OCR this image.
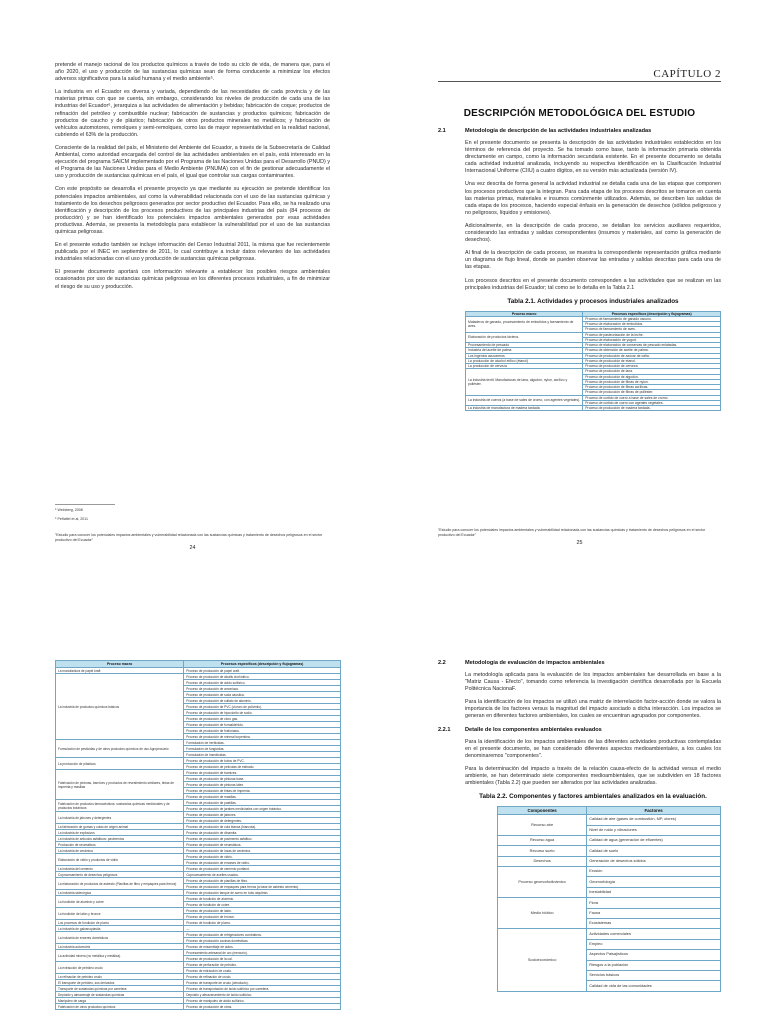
pretende el manejo racional de los productos químicos a través de todo su ciclo de vida, de manera que, para el año 2020, el uso y producción de las sustancias químicas sean de forma conducente a minimizar los efectos adversos significativos para la salud humana y el medio ambiente⁵.

La industria en el Ecuador es diversa y variada, dependiendo de las necesidades de cada provincia y de las materias primas con que se cuenta, sin embargo, considerando los niveles de producción de cada una de las industrias del Ecuador⁶, jerarquiza a las actividades de alimentación y bebidas; fabricación de coque; productos de refinación del petróleo y combustible nuclear; fabricación de sustancias y productos químicos; fabricación de productos de caucho y de plástico; fabricación de otros productos minerales no metálicos; y fabricación de vehículos automotores, remolques y semi-remolques, como las de mayor representatividad en la realidad nacional, cubriendo el 63% de la producción.

Consciente de la realidad del país, el Ministerio del Ambiente del Ecuador, a través de la Subsecretaría de Calidad Ambiental, como autoridad encargada del control de las actividades ambientales en el país, está interesado en la ejecución del programa SAICM implementado por el Programa de las Naciones Unidas para el Desarrollo (PNUD) y el Programa de las Naciones Unidas para el Medio Ambiente (PNUMA) con el fin de gestionar adecuadamente el uso y producción de sustancias químicas en el país, el igual que controlar sus cargas contaminantes.

Con este propósito se desarrolla el presente proyecto ya que mediante su ejecución se pretende identificar los potenciales impactos ambientales, así como la vulnerabilidad relacionada con el uso de las sustancias químicas y tratamiento de los desechos peligrosos generados por sector productivo del Ecuador. Para ello, se ha realizado una identificación y descripción de los procesos productivos de las principales industrias del país (84 procesos de producción) y se han identificado los potenciales impactos ambientales generados por esas actividades productivas. Además, se presenta la metodología para establecer la vulnerabilidad por el uso de las sustancias químicas peligrosas.

En el presente estudio también se incluye información del Censo Industrial 2011, la misma que fue recientemente publicada por el INEC en septiembre de 2011, lo cual contribuye a incluir datos relevantes de las actividades industriales relacionadas con el uso y producción de sustancias químicas peligrosas.

El presente documento aportará con información relevante a establecer los posibles riesgos ambientales ocasionados por uso de sustancias químicas peligrosas en los diferentes procesos industriales, a fin de minimizar el riesgo de su uso y producción.

⁵ Weinberg, 2008
⁶ Peñafiel et al, 2011
"Estudio para conocer los potenciales impactos ambientales y vulnerabilidad relacionada con las sustancias químicas y tratamiento de desechos peligrosos en el sector productivo del Ecuador"
24
CAPÍTULO 2
DESCRIPCIÓN METODOLÓGICA DEL ESTUDIO
2.1	Metodología de descripción de las actividades industriales analizadas

En el presente documento se presenta la descripción de las actividades industriales establecidos en los términos de referencia del proyecto. Se ha tomado como base, tanto la información primaria obtenida directamente en campo, como la información secundaria existente. En el presente documento se detalla cada actividad industrial analizada, incluyendo su respectiva identificación en la Clasificación Industrial Internacional Uniforme (CIIU) a cuatro dígitos, en su versión más actualizada (versión IV).

Una vez descrita de forma general la actividad industrial se detalla cada una de las etapas que componen los procesos productivos que la integran. Para cada etapa de los procesos descritos se tomaron en cuenta las materias primas, materiales e insumos comúnmente utilizados. Además, se describen las salidas de cada etapa de los procesos, haciendo especial énfasis en la generación de desechos (sólidos peligrosos y no peligrosos, líquidos y emisiones).

Adicionalmente, en la descripción de cada proceso, se detallan los servicios auxiliares requeridos, considerando las entradas y salidas correspondientes (insumos y materiales, así como la generación de desechos).

Al final de la descripción de cada proceso, se muestra la correspondiente representación gráfica mediante un diagrama de flujo lineal, donde se pueden observar las entradas y salidas descritas para cada una de las etapas.

Los procesos descritos en el presente documento corresponden a las actividades que se realizan en las principales industrias del Ecuador; tal como se lo detalla en la Tabla 2.1

Tabla 2.1. Actividades y procesos industriales analizados
Proceso macro	Procesos específicos (descripción y flujogramas)
Mataderos de ganado, procesamiento de embutidos y faenamiento de aves.	Proceso de faenamiento de ganado vacuno.
	Proceso de elaboración de embutidos.
	Proceso de faenamiento de aves.
Elaboración de productos lácteos.	Proceso de pasteurización de la leche.
	Proceso de elaboración de yogurt.
Procesamiento de pescado	Proceso de elaboración de conservas de pescado enlatadas.
Industria del aceite de palma	Proceso de obtención de aceite de palma.
Los ingenios azucareros	Proceso de producción de azúcar de caña.
La producción de alcohol etílico (etanol)	Proceso de producción de etanol.
La producción de cerveza	Proceso de producción de cerveza.
La industria textil: Manufacturas de lana, algodón, nylon, acrílico y poliéster.	Proceso de producción de lana.
	Proceso de producción de algodón.
	Proceso de producción de fibras de nylon.
	Proceso de producción de fibras acrílicas.
	Proceso de producción de fibras de poliéster.
La industria de cueros (a base de sales de cromo, con agentes vegetales).	Proceso de curtido de cuero a base de sales de cromo.
	Proceso de curtido de cuero con agentes vegetales.
La industria de manufactura de madera tardada	Proceso de producción de madera tardada.
"Estudio para conocer los potenciales impactos ambientales y vulnerabilidad relacionada con las sustancias químicas y tratamiento de desechos peligrosos en el sector productivo del Ecuador"
25
Proceso macro	Procesos específicos (descripción y flujogramas)
La manufactura de papel kraft	Proceso de producción de papel craft.
La industria de productos químicos básicos	Proceso de producción de álcalis clorhídrico.
	Proceso de producción de ácido sulfúrico.
	Proceso de producción de amoníaco.
	Proceso de producción de soda cáustica.
	Proceso de producción de sulfato de aluminio.
	Proceso de producción de PVC (cloruro de polivinilo).
	Proceso de producción de hipoclorito de sodio.
	Proceso de producción de cloro gas.
	Proceso de producción de formaldehído.
	Proceso de producción de fosfonatos.
	Proceso de producción de mineral turpentina.
Formulación de pesticidas y de otros productos químicos de uso Agropecuario	Formulación de herbicidas.
	Formulación de fungicidas.
	Formulación de insecticidas.
La producción de plásticos	Proceso de producción de tubos de PVC.
	Proceso de producción de películas de estirado.
Fabricación de pinturas, barnices y productos de revestimiento similares, tintas de imprenta y masillas	Proceso de producción de barnices.
	Proceso de producción de pinturas base.
	Proceso de producción de pinturas látex.
	Proceso de producción de tintas de imprenta.
	Proceso de producción de masillas.
Fabricación de productos farmacéuticos: sustancias químicas medicinales y de productos botánicos	Proceso de producción de pastillas.
	Proceso de producción de jarabes medicinales con origen botánico.
La industria de jabones y detergentes	Proceso de producción de jabones.
	Proceso de producción de detergentes.
La fabricación de gomas y colas de origen animal	Proceso de producción de cola blanca (blancola).
La industria de explosivos	Proceso de producción de dinamita.
La industria de artículos asfálticos: pavimentos	Proceso de producción de pavimento asfáltico.
Producción de neumáticos	Proceso de producción de neumáticos.
La industria de cerámica	Proceso de producción de losas de cerámica.
Elaboración de vidrio y productos de vidrio	Proceso de producción de vidrio.
	Proceso de producción de envases de vidrio.
La industria del cemento	Proceso de producción de cemento portland.
Coprocesamiento de desechos peligrosos	Coprocesamiento de aceites usados.
La elaboración de productos de asbesto (Planillas de fibro y empaques para frenos)	Proceso de producción de planillas de fibro.
	Proceso de producción de empaques para frenos (a base de asbesto cemento).
La industria siderúrgica	Proceso de producción tanque de acero en tubo alquitrán.
La fundición de aluminio y cobre	Proceso de fundición de aluminio.
	Proceso de fundición de cobre.
La fundición de latón y bronce	Proceso de producción de latón.
	Proceso de producción de bronce.
Los procesos de fundición de plomo	Proceso de fundición de plomo.
La industria de galvanoplastía	—
La industria de enseres domésticos	Proceso de producción de refrigeradores combativos.
	Proceso de producción cocinas domésticas.
La industria automotriz	Proceso de ensamblaje de autos.
La actividad minera (no metálica y metálica).	Procesamiento artesanal de oro (mercurio).
	Proceso de producción de la cal.
La extracción de petróleo crudo	Proceso de perforación de petróleo.
	Proceso de extracción de crudo.
La refinación de petróleo crudo	Proceso de refinación de crudo.
El transporte de petróleo, sus derivados	Proceso de transporte de crudo (oleoducto).
Transporte de sustancias químicas por carretera	Proceso de transportación de ácido sulfúrico por carretera.
Depósito y almacenaje de sustancias químicas	Depósito y almacenamiento de ácido sulfúrico.
Manipuleo de carga	Proceso de manipuleo de ácido sulfúrico.
Fabricación de otros productos químicos	Proceso de producción de otros.
2.2	Metodología de evaluación de impactos ambientales

La metodología aplicada para la evaluación de los impactos ambientales fue desarrollada en base a la "Matriz Causa - Efecto", tomando como referencia la investigación científica desarrollada por la Escuela Politécnica NacionaF.

Para la identificación de los impactos se utilizó una matriz de interrelación factor-acción donde se valora la importancia de los factores versus la magnitud del impacto asociado a dicha interacción. Los impactos se generan en diferentes factores ambientales, los cuales se encuentran agrupados por componentes.

2.2.1	Detalle de los componentes ambientales evaluados

Para la identificación de los impactos ambientales de las diferentes actividades productivas contempladas en el presente documento, se han considerado diferentes aspectos medioambientales, a los cuales los denominaremos "componentes".

Para la determinación del impacto a través de la relación causa-efecto de la actividad versus el medio ambiente, se han determinado siete componentes medioambientales, que se subdividen en 18 factores ambientales (Tabla 2.2) que pueden ser alterados por las actividades analizadas.

Tabla 2.2. Componentes y factores ambientales analizados en la evaluación.
Componentes	Factores
Recurso aire	Calidad de aire (gases de combustión, MP, olores)
	Nivel de ruido y vibraciones
Recurso agua	Calidad de agua (generación de efluentes)
Recurso suelo	Calidad de suelo
Desechos	Generación de desechos sólidos
Proceso geomorfodinámico	Erosión
	Geomorfología
	Inestabilidad
Medio biótico	Flora
	Fauna
	Ecosistemas
Socioeconómico	Actividades comerciales
	Empleo
	Aspectos Paisajísticos
	Riesgos a la población
	Servicios básicos
	Calidad de vida de las comunidades
